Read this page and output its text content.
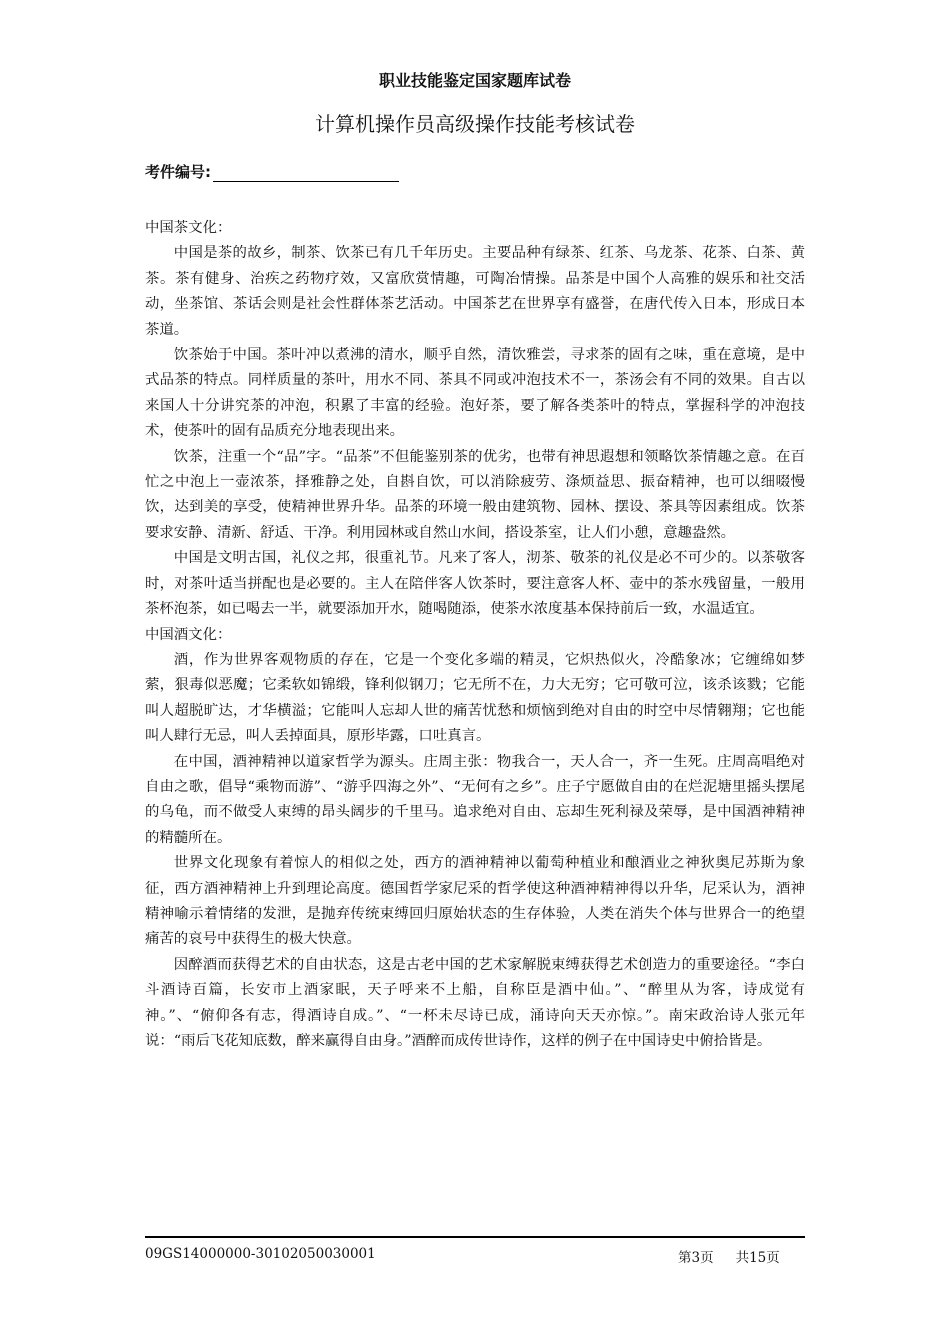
职业技能鉴定国家题库试卷
计算机操作员高级操作技能考核试卷
考件编号:

中国茶文化：

中国是茶的故乡，制茶、饮茶已有几千年历史。主要品种有绿茶、红茶、乌龙茶、花茶、白茶、黄茶。茶有健身、治疾之药物疗效，又富欣赏情趣，可陶冶情操。品茶是中国个人高雅的娱乐和社交活动，坐茶馆、茶话会则是社会性群体茶艺活动。中国茶艺在世界享有盛誉，在唐代传入日本，形成日本茶道。

饮茶始于中国。茶叶冲以煮沸的清水，顺乎自然，清饮雅尝，寻求茶的固有之味，重在意境，是中式品茶的特点。同样质量的茶叶，用水不同、茶具不同或冲泡技术不一，茶汤会有不同的效果。自古以来国人十分讲究茶的冲泡，积累了丰富的经验。泡好茶，要了解各类茶叶的特点，掌握科学的冲泡技术，使茶叶的固有品质充分地表现出来。

饮茶，注重一个“品”字。“品茶”不但能鉴别茶的优劣，也带有神思遐想和领略饮茶情趣之意。在百忙之中泡上一壶浓茶，择雅静之处，自斟自饮，可以消除疲劳、涤烦益思、振奋精神，也可以细啜慢饮，达到美的享受，使精神世界升华。品茶的环境一般由建筑物、园林、摆设、茶具等因素组成。饮茶要求安静、清新、舒适、干净。利用园林或自然山水间，搭设茶室，让人们小憩，意趣盎然。

中国是文明古国，礼仪之邦，很重礼节。凡来了客人，沏茶、敬茶的礼仪是必不可少的。以茶敬客时，对茶叶适当拼配也是必要的。主人在陪伴客人饮茶时，要注意客人杯、壶中的茶水残留量，一般用茶杯泡茶，如已喝去一半，就要添加开水，随喝随添，使茶水浓度基本保持前后一致，水温适宜。

中国酒文化：

酒，作为世界客观物质的存在，它是一个变化多端的精灵，它炽热似火，冷酷象冰；它缠绵如梦萦，狠毒似恶魔；它柔软如锦缎，锋利似钢刀；它无所不在，力大无穷；它可敬可泣，该杀该戮；它能叫人超脱旷达，才华横溢；它能叫人忘却人世的痛苦忧愁和烦恼到绝对自由的时空中尽情翱翔；它也能叫人肆行无忌，叫人丢掉面具，原形毕露，口吐真言。

在中国，酒神精神以道家哲学为源头。庄周主张：物我合一，天人合一，齐一生死。庄周高唱绝对自由之歌，倡导“乘物而游”、“游乎四海之外”、“无何有之乡”。庄子宁愿做自由的在烂泥塘里摇头摆尾的乌龟，而不做受人束缚的昂头阔步的千里马。追求绝对自由、忘却生死利禄及荣辱，是中国酒神精神的精髓所在。

世界文化现象有着惊人的相似之处，西方的酒神精神以葡萄种植业和酿酒业之神狄奥尼苏斯为象征，西方酒神精神上升到理论高度。德国哲学家尼采的哲学使这种酒神精神得以升华，尼采认为，酒神精神喻示着情绪的发泄，是抛弃传统束缚回归原始状态的生存体验，人类在消失个体与世界合一的绝望痛苦的哀号中获得生的极大快意。

因醉酒而获得艺术的自由状态，这是古老中国的艺术家解脱束缚获得艺术创造力的重要途径。“李白斗酒诗百篇，长安市上酒家眠，天子呼来不上船，自称臣是酒中仙。”、“醉里从为客，诗成觉有神。”、“俯仰各有志，得酒诗自成。”、“一杯未尽诗已成，涌诗向天天亦惊。”。南宋政治诗人张元年说：“雨后飞花知底数，醉来赢得自由身。”酒醉而成传世诗作，这样的例子在中国诗史中俯拾皆是。

09GS14000000-30102050030001	第3页 共15页
